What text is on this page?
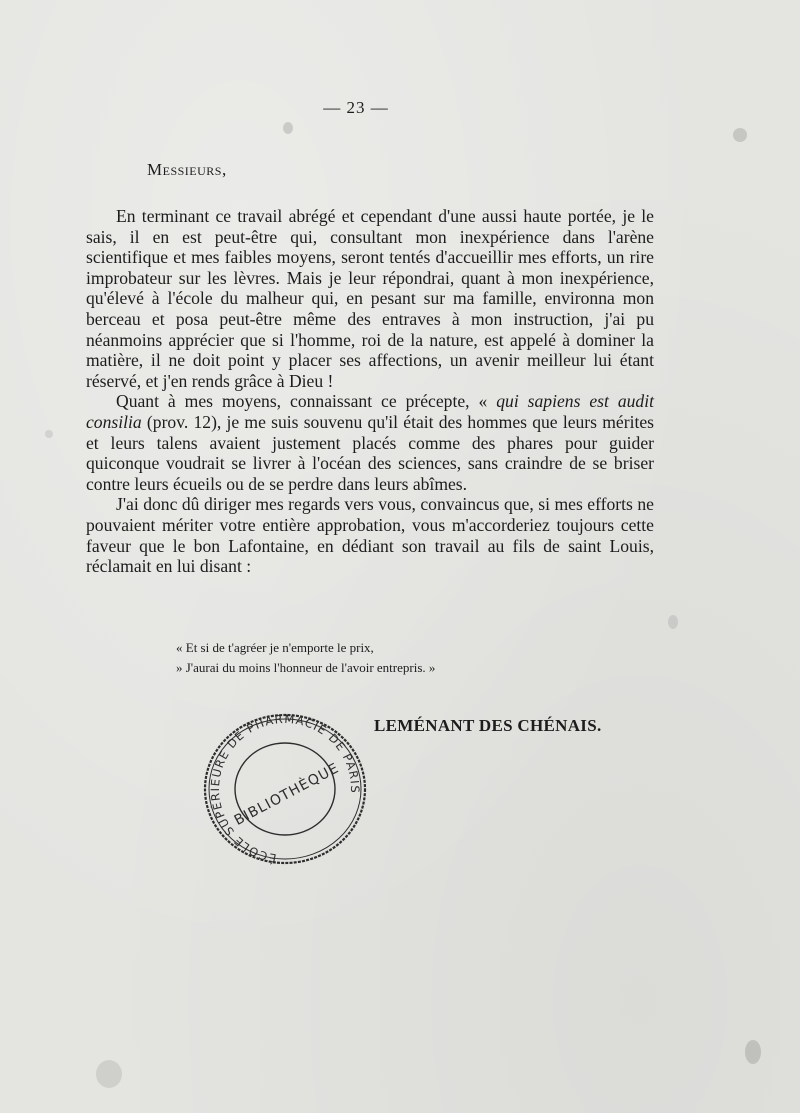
— 23 —
Messieurs,

En terminant ce travail abrégé et cependant d'une aussi haute portée, je le sais, il en est peut-être qui, consultant mon inexpérience dans l'arène scientifique et mes faibles moyens, seront tentés d'accueillir mes efforts, un rire improbateur sur les lèvres. Mais je leur répondrai, quant à mon inexpérience, qu'élevé à l'école du malheur qui, en pesant sur ma famille, environna mon berceau et posa peut-être même des entraves à mon instruction, j'ai pu néanmoins apprécier que si l'homme, roi de la nature, est appelé à dominer la matière, il ne doit point y placer ses affections, un avenir meilleur lui étant réservé, et j'en rends grâce à Dieu !

Quant à mes moyens, connaissant ce précepte, « qui sapiens est audit consilia (prov. 12), je me suis souvenu qu'il était des hommes que leurs mérites et leurs talens avaient justement placés comme des phares pour guider quiconque voudrait se livrer à l'océan des sciences, sans craindre de se briser contre leurs écueils ou de se perdre dans leurs abîmes.

J'ai donc dû diriger mes regards vers vous, convaincus que, si mes efforts ne pouvaient mériter votre entière approbation, vous m'accorderiez toujours cette faveur que le bon Lafontaine, en dédiant son travail au fils de saint Louis, réclamait en lui disant :

« Et si de t'agréer je n'emporte le prix,
» J'aurai du moins l'honneur de l'avoir entrepris. »
ÉCOLE SUPÉRIEURE DE PHARMACIE DE PARIS
BIBLIOTHÈQUE
LEMÉNANT DES CHÉNAIS.
